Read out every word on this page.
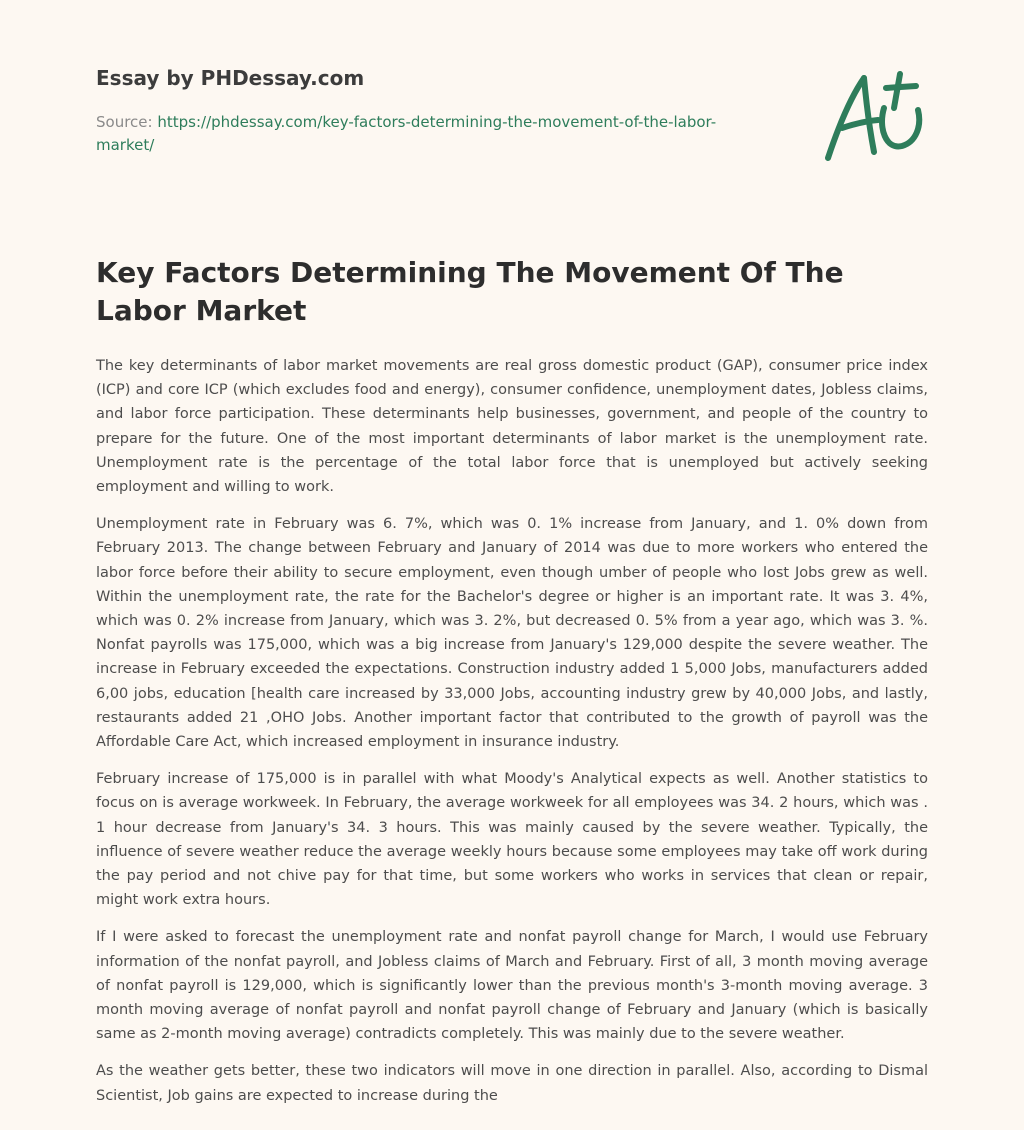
Essay by PHDessay.com
Source: https://phdessay.com/key-factors-determining-the-movement-of-the-labor-market/
Key Factors Determining The Movement Of The Labor Market

The key determinants of labor market movements are real gross domestic product (GAP), consumer price index (ICP) and core ICP (which excludes food and energy), consumer confidence, unemployment dates, Jobless claims, and labor force participation. These determinants help businesses, government, and people of the country to prepare for the future. One of the most important determinants of labor market is the unemployment rate. Unemployment rate is the percentage of the total labor force that is unemployed but actively seeking employment and willing to work.

Unemployment rate in February was 6. 7%, which was 0. 1% increase from January, and 1. 0% down from February 2013. The change between February and January of 2014 was due to more workers who entered the labor force before their ability to secure employment, even though umber of people who lost Jobs grew as well. Within the unemployment rate, the rate for the Bachelor's degree or higher is an important rate. It was 3. 4%, which was 0. 2% increase from January, which was 3. 2%, but decreased 0. 5% from a year ago, which was 3. %. Nonfat payrolls was 175,000, which was a big increase from January's 129,000 despite the severe weather. The increase in February exceeded the expectations. Construction industry added 1 5,000 Jobs, manufacturers added 6,00 jobs, education [health care increased by 33,000 Jobs, accounting industry grew by 40,000 Jobs, and lastly, restaurants added 21 ,OHO Jobs. Another important factor that contributed to the growth of payroll was the Affordable Care Act, which increased employment in insurance industry.

February increase of 175,000 is in parallel with what Moody's Analytical expects as well. Another statistics to focus on is average workweek. In February, the average workweek for all employees was 34. 2 hours, which was . 1 hour decrease from January's 34. 3 hours. This was mainly caused by the severe weather. Typically, the influence of severe weather reduce the average weekly hours because some employees may take off work during the pay period and not chive pay for that time, but some workers who works in services that clean or repair, might work extra hours.

If I were asked to forecast the unemployment rate and nonfat payroll change for March, I would use February information of the nonfat payroll, and Jobless claims of March and February. First of all, 3 month moving average of nonfat payroll is 129,000, which is significantly lower than the previous month's 3-month moving average. 3 month moving average of nonfat payroll and nonfat payroll change of February and January (which is basically same as 2-month moving average) contradicts completely. This was mainly due to the severe weather.

As the weather gets better, these two indicators will move in one direction in parallel. Also, according to Dismal Scientist, Job gains are expected to increase during the
